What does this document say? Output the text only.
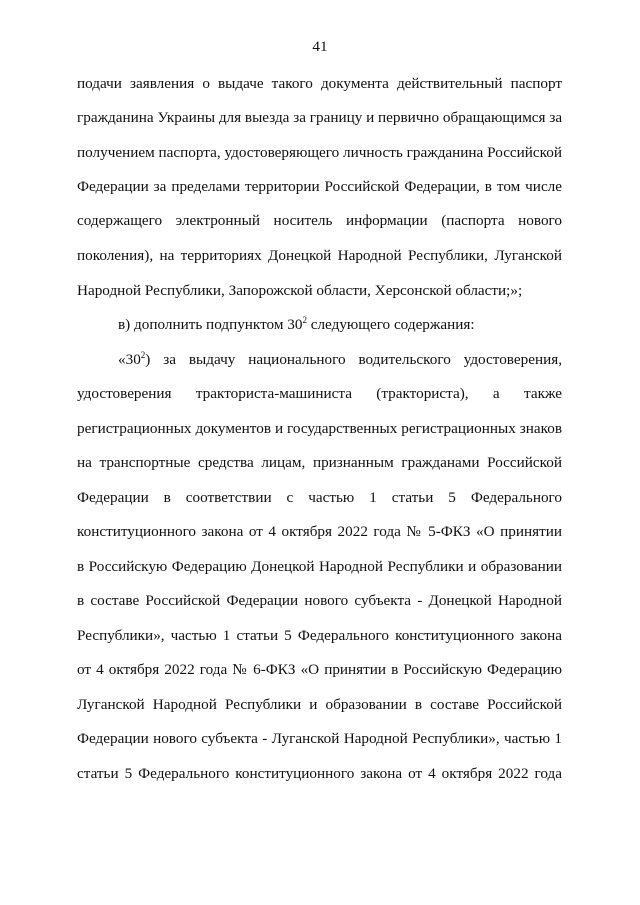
41
подачи заявления о выдаче такого документа действительный паспорт
гражданина Украины для выезда за границу и первично обращающимся за
получением паспорта, удостоверяющего личность гражданина Российской
Федерации за пределами территории Российской Федерации, в том числе
содержащего электронный носитель информации (паспорта нового
поколения), на территориях Донецкой Народной Республики, Луганской
Народной Республики, Запорожской области, Херсонской области;»;
в) дополнить подпунктом $30^2$ следующего содержания:
«$30^2$) за выдачу национального водительского удостоверения,
удостоверения тракториста-машиниста (тракториста), а также
регистрационных документов и государственных регистрационных знаков
на транспортные средства лицам, признанным гражданами Российской
Федерации в соответствии с частью 1 статьи 5 Федерального
конституционного закона от 4 октября 2022 года № 5-ФКЗ «О принятии
в Российскую Федерацию Донецкой Народной Республики и образовании
в составе Российской Федерации нового субъекта - Донецкой Народной
Республики», частью 1 статьи 5 Федерального конституционного закона
от 4 октября 2022 года № 6-ФКЗ «О принятии в Российскую Федерацию
Луганской Народной Республики и образовании в составе Российской
Федерации нового субъекта - Луганской Народной Республики», частью 1
статьи 5 Федерального конституционного закона от 4 октября 2022 года
